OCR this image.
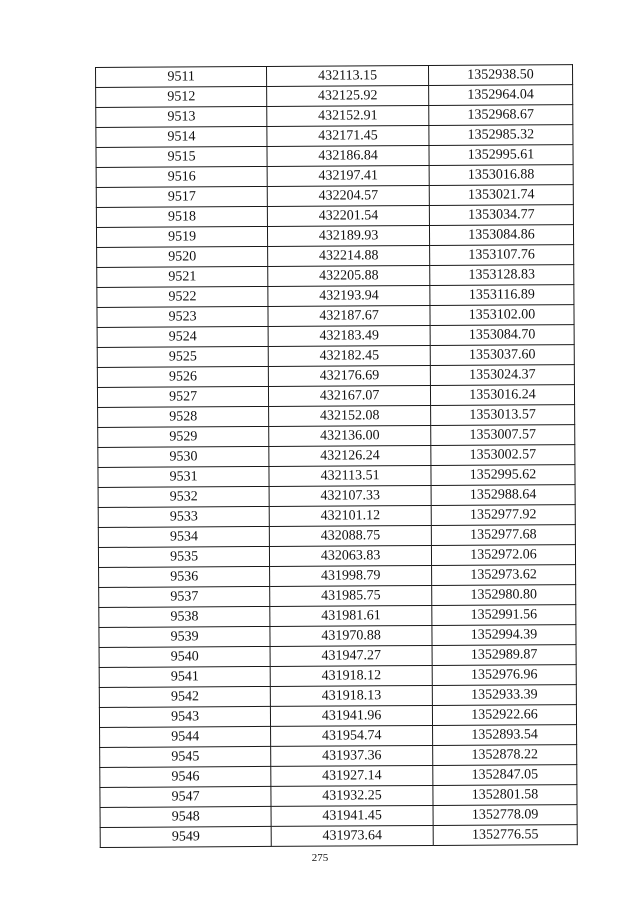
9511	432113.15	1352938.50
9512	432125.92	1352964.04
9513	432152.91	1352968.67
9514	432171.45	1352985.32
9515	432186.84	1352995.61
9516	432197.41	1353016.88
9517	432204.57	1353021.74
9518	432201.54	1353034.77
9519	432189.93	1353084.86
9520	432214.88	1353107.76
9521	432205.88	1353128.83
9522	432193.94	1353116.89
9523	432187.67	1353102.00
9524	432183.49	1353084.70
9525	432182.45	1353037.60
9526	432176.69	1353024.37
9527	432167.07	1353016.24
9528	432152.08	1353013.57
9529	432136.00	1353007.57
9530	432126.24	1353002.57
9531	432113.51	1352995.62
9532	432107.33	1352988.64
9533	432101.12	1352977.92
9534	432088.75	1352977.68
9535	432063.83	1352972.06
9536	431998.79	1352973.62
9537	431985.75	1352980.80
9538	431981.61	1352991.56
9539	431970.88	1352994.39
9540	431947.27	1352989.87
9541	431918.12	1352976.96
9542	431918.13	1352933.39
9543	431941.96	1352922.66
9544	431954.74	1352893.54
9545	431937.36	1352878.22
9546	431927.14	1352847.05
9547	431932.25	1352801.58
9548	431941.45	1352778.09
9549	431973.64	1352776.55
275
